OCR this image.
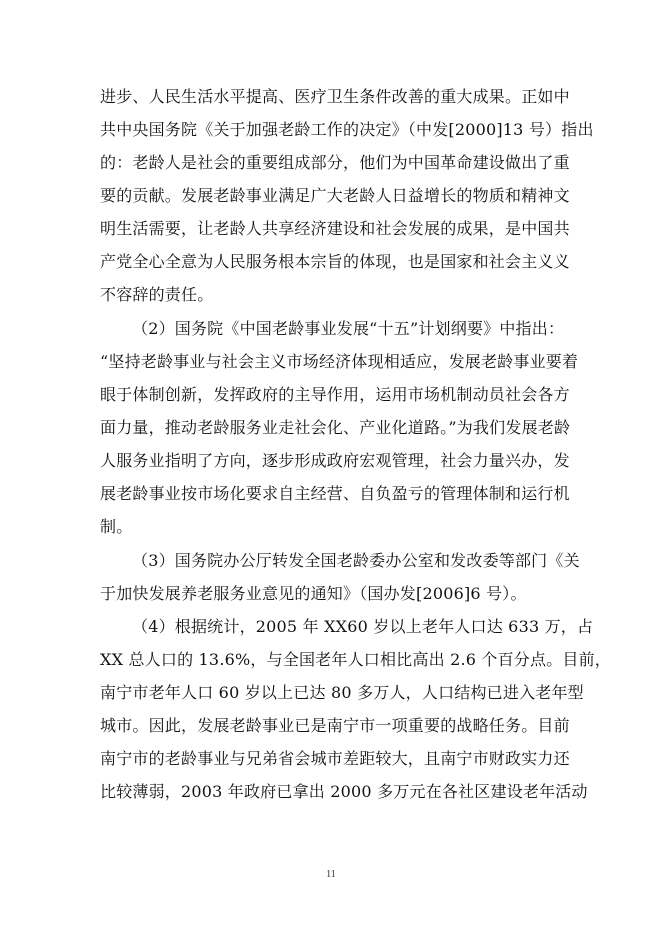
进步、人民生活水平提高、医疗卫生条件改善的重大成果。正如中
共中央国务院《关于加强老龄工作的决定》（中发[2000]13 号）指出
的：老龄人是社会的重要组成部分，他们为中国革命建设做出了重
要的贡献。发展老龄事业满足广大老龄人日益增长的物质和精神文
明生活需要，让老龄人共享经济建设和社会发展的成果，是中国共
产党全心全意为人民服务根本宗旨的体现，也是国家和社会主义义
不容辞的责任。
（2）国务院《中国老龄事业发展“十五”计划纲要》中指出：
“坚持老龄事业与社会主义市场经济体现相适应，发展老龄事业要着
眼于体制创新，发挥政府的主导作用，运用市场机制动员社会各方
面力量，推动老龄服务业走社会化、产业化道路。”为我们发展老龄
人服务业指明了方向，逐步形成政府宏观管理，社会力量兴办，发
展老龄事业按市场化要求自主经营、自负盈亏的管理体制和运行机
制。
（3）国务院办公厅转发全国老龄委办公室和发改委等部门《关
于加快发展养老服务业意见的通知》（国办发[2006]6 号）。
（4）根据统计，2005 年 XX60 岁以上老年人口达 633 万，占
XX 总人口的 13.6%，与全国老年人口相比高出 2.6 个百分点。目前，
南宁市老年人口 60 岁以上已达 80 多万人，人口结构已进入老年型
城市。因此，发展老龄事业已是南宁市一项重要的战略任务。目前
南宁市的老龄事业与兄弟省会城市差距较大，且南宁市财政实力还
比较薄弱，2003 年政府已拿出 2000 多万元在各社区建设老年活动
11
